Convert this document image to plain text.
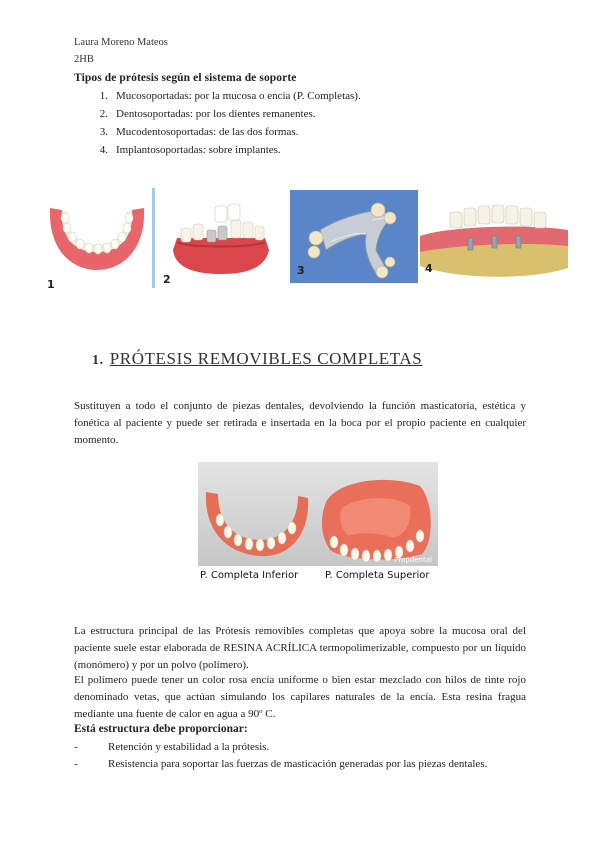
Laura Moreno Mateos
2HB
Tipos de prótesis según el sistema de soporte
1. Mucosoportadas: por la mucosa o encía (P. Completas).
2. Dentosoportadas: por los dientes remanentes.
3. Mucodentosoportadas: de las dos formas.
4. Implantosoportadas: sobre implantes.
1	2
3	4
1. PRÓTESIS REMOVIBLES COMPLETAS

Sustituyen a todo el conjunto de piezas dentales, devolviendo la función masticatoria, estética y fonética al paciente y puede ser retirada e insertada en la boca por el propio paciente en cualquier momento.

Propdental
P. Completa Inferior	P. Completa Superior

La estructura principal de las Prótesis removibles completas que apoya sobre la mucosa oral del paciente suele estar elaborada de RESINA ACRÍLICA termopolimerizable, compuesto por un líquido (monómero) y por un polvo (polímero).

El polímero puede tener un color rosa encía uniforme o bien estar mezclado con hilos de tinte rojo denominado vetas, que actúan simulando los capilares naturales de la encía. Esta resina fragua mediante una fuente de calor en agua a 90º C.

Está estructura debe proporcionar:
-	Retención y estabilidad a la prótesis.
-	Resistencia para soportar las fuerzas de masticación generadas por las piezas dentales.
